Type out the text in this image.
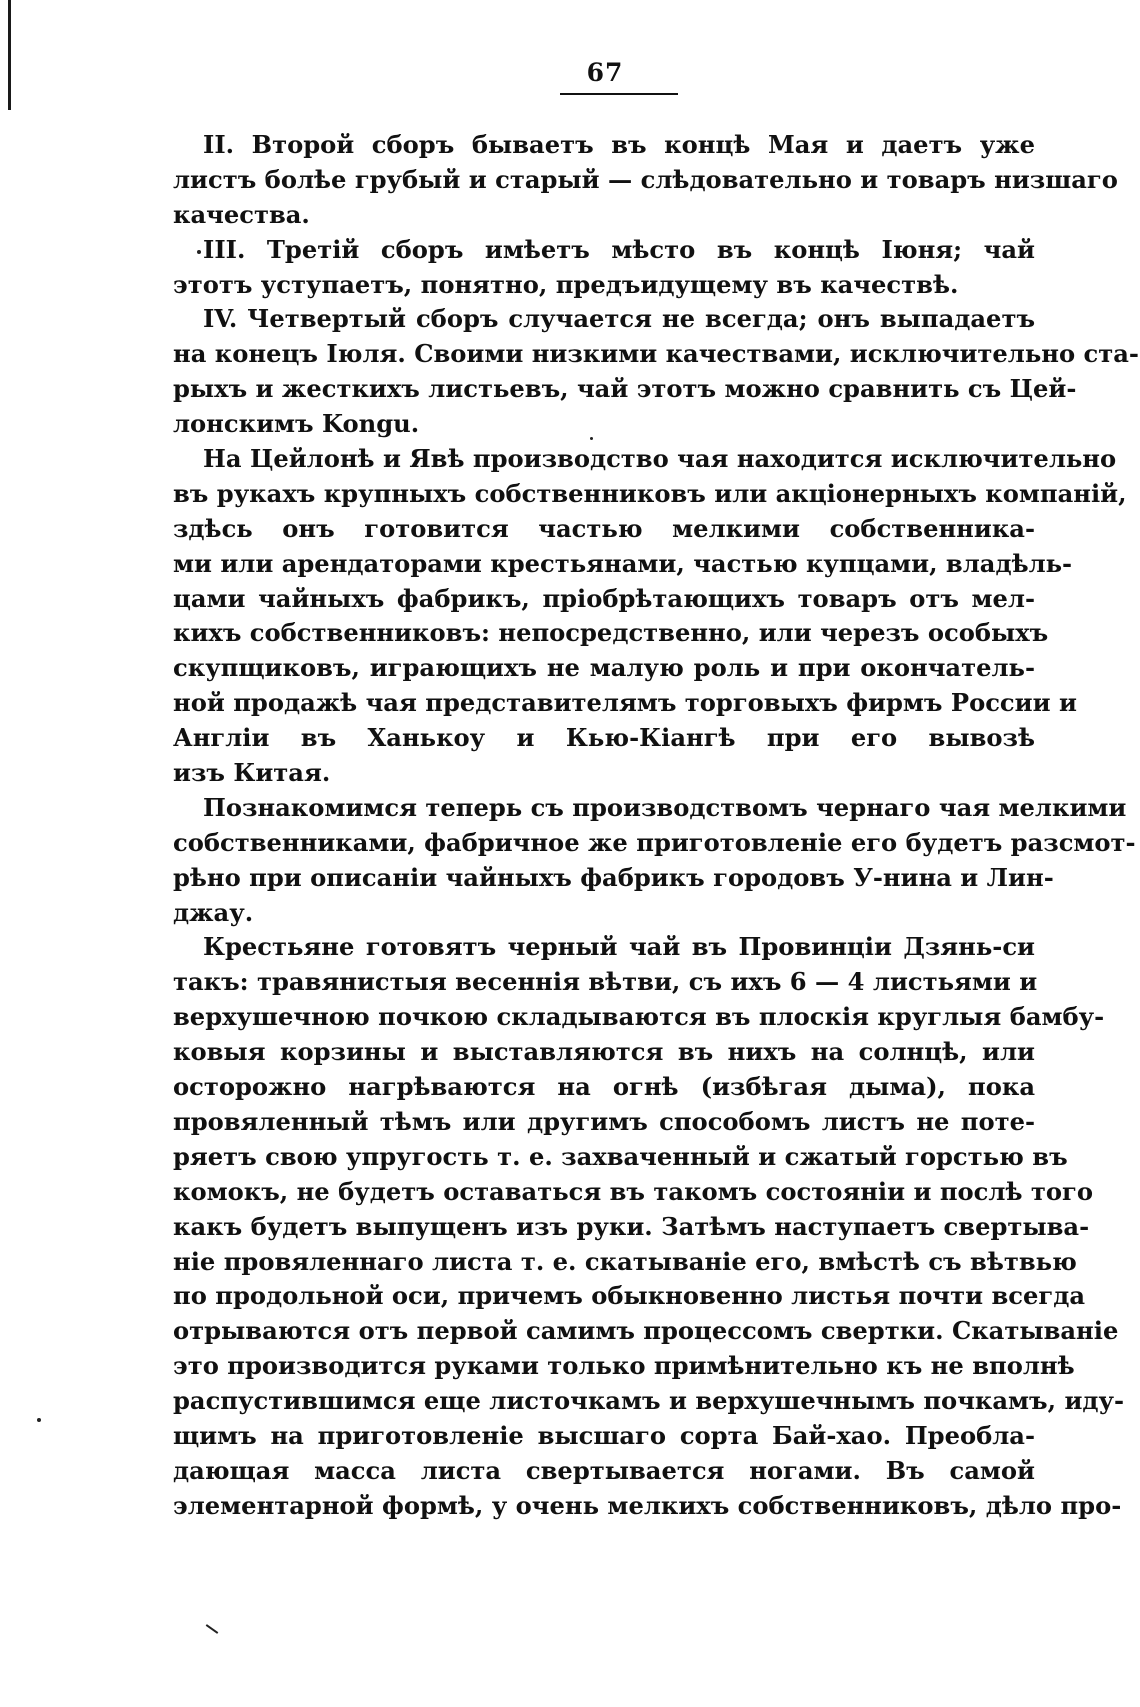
67
II. Второй сборъ бываетъ въ концѣ Мая и даетъ уже
листъ болѣе грубый и старый — слѣдовательно и товаръ низшаго
качества.
III. Третій сборъ имѣетъ мѣсто въ концѣ Іюня; чай
этотъ уступаетъ, понятно, предъидущему въ качествѣ.
IV. Четвертый сборъ случается не всегда; онъ выпадаетъ
на конецъ Іюля. Своими низкими качествами, исключительно ста-
рыхъ и жесткихъ листьевъ, чай этотъ можно сравнить съ Цей-
лонскимъ Kongu.
На Цейлонѣ и Явѣ производство чая находится исключительно
въ рукахъ крупныхъ собственниковъ или акціонерныхъ компаній,
здѣсь онъ готовится частью мелкими собственника-
ми или арендаторами крестьянами, частью купцами, владѣль-
цами чайныхъ фабрикъ, пріобрѣтающихъ товаръ отъ мел-
кихъ собственниковъ: непосредственно, или черезъ особыхъ
скупщиковъ, играющихъ не малую роль и при окончатель-
ной продажѣ чая представителямъ торговыхъ фирмъ России и
Англіи въ Ханькоу и Кью-Кіангѣ при его вывозѣ
изъ Китая.
Познакомимся теперь съ производствомъ чернаго чая мелкими
собственниками, фабричное же приготовленіе его будетъ разсмот-
рѣно при описаніи чайныхъ фабрикъ городовъ У-нина и Лин-
джау.
Крестьяне готовятъ черный чай въ Провинціи Дзянь-си
такъ: травянистыя весеннія вѣтви, съ ихъ 6 — 4 листьями и
верхушечною почкою складываются въ плоскія круглыя бамбу-
ковыя корзины и выставляются въ нихъ на солнцѣ, или
осторожно нагрѣваются на огнѣ (избѣгая дыма), пока
провяленный тѣмъ или другимъ способомъ листъ не поте-
ряетъ свою упругость т. е. захваченный и сжатый горстью въ
комокъ, не будетъ оставаться въ такомъ состояніи и послѣ того
какъ будетъ выпущенъ изъ руки. Затѣмъ наступаетъ свертыва-
ніе провяленнаго листа т. е. скатываніе его, вмѣстѣ съ вѣтвью
по продольной оси, причемъ обыкновенно листья почти всегда
отрываются отъ первой самимъ процессомъ свертки. Скатываніе
это производится руками только примѣнительно къ не вполнѣ
распустившимся еще листочкамъ и верхушечнымъ почкамъ, иду-
щимъ на приготовленіе высшаго сорта Бай-хао. Преобла-
дающая масса листа свертывается ногами. Въ самой
элементарной формѣ, у очень мелкихъ собственниковъ, дѣло про-
